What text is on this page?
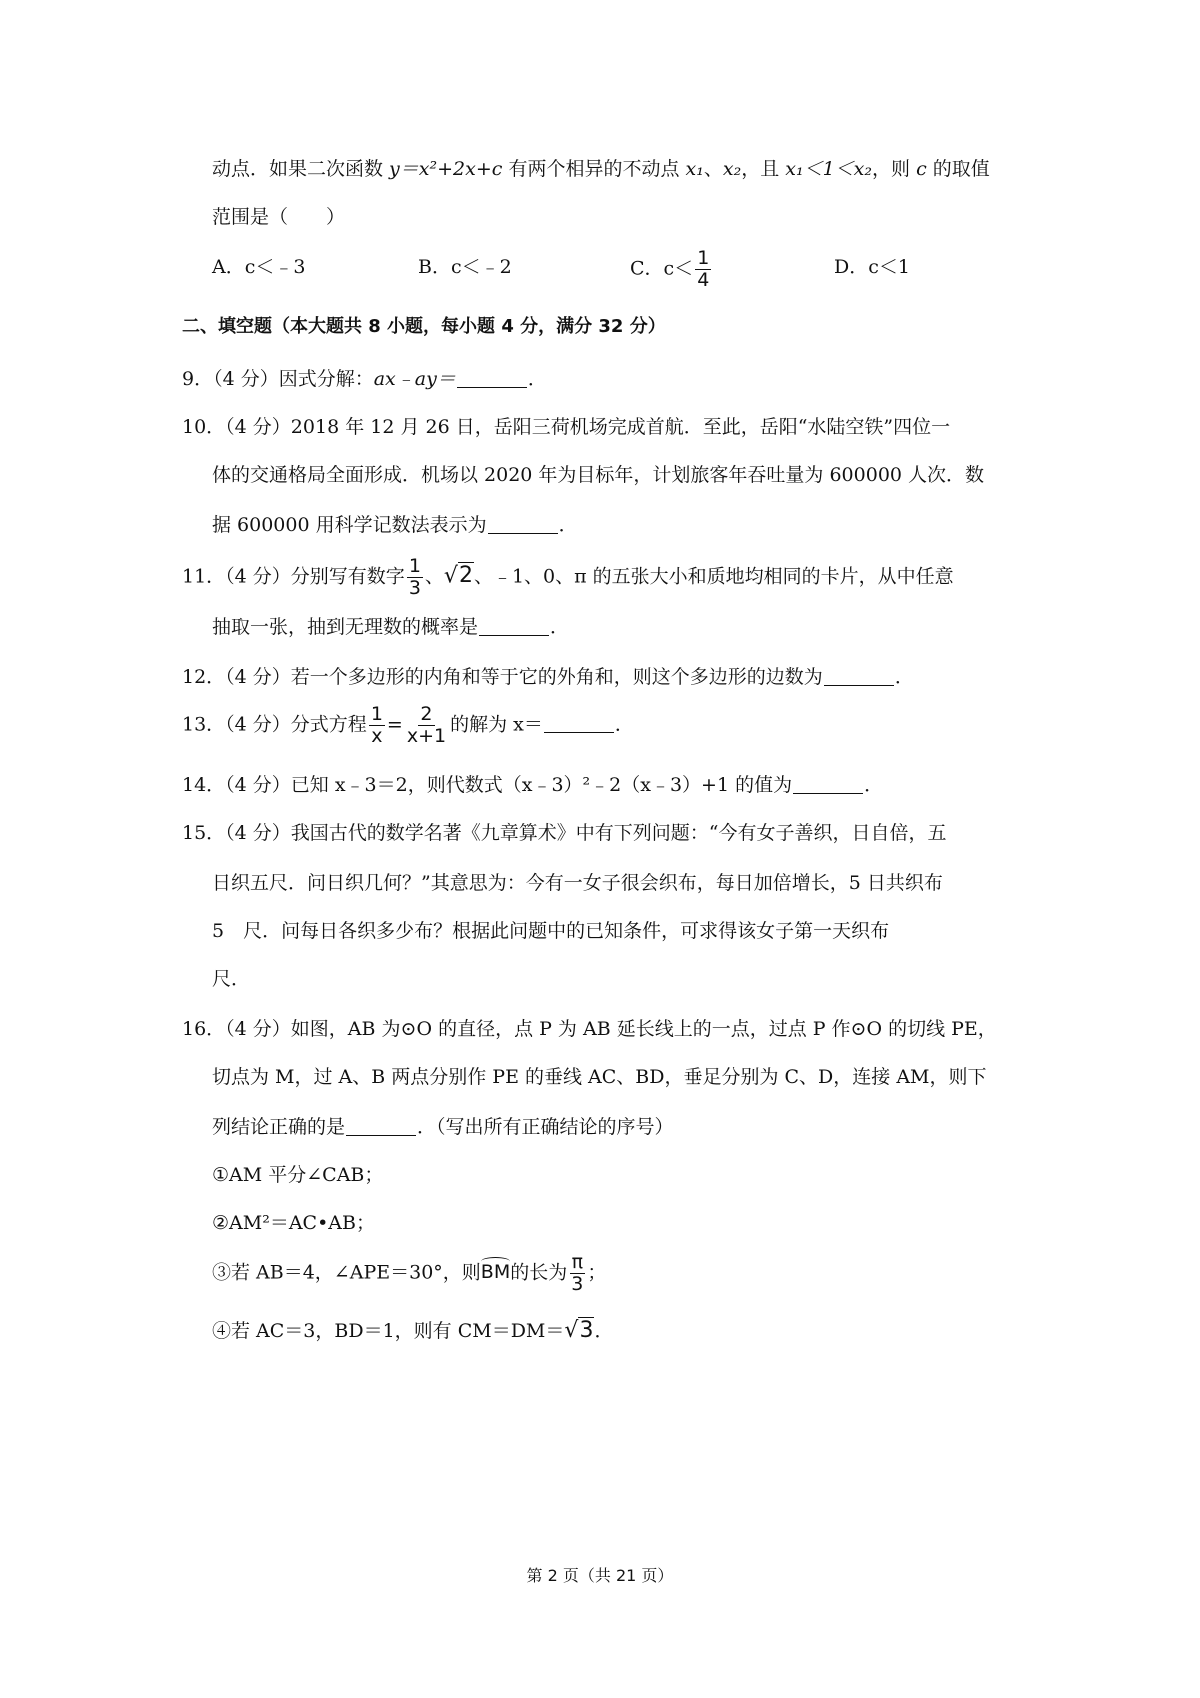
动点．如果二次函数 y＝x²+2x+c 有两个相异的不动点 x₁、x₂，且 x₁＜1＜x₂，则 c 的取值
范围是（　　）
A．c＜﹣3	B．c＜﹣2	C．$c< \frac{1}{4}$	D．c＜1
二、填空题（本大题共 8 小题，每小题 4 分，满分 32 分）
9．（4 分）因式分解：ax﹣ay＝	．
10．（4 分）2018 年 12 月 26 日，岳阳三荷机场完成首航．至此，岳阳“水陆空铁”四位一
体的交通格局全面形成．机场以 2020 年为目标年，计划旅客年吞吐量为 600000 人次．数
据 600000 用科学记数法表示为	．
11．（4 分）分别写有数字 $\frac{1}{3}$ 、√2、﹣1、0、π 的五张大小和质地均相同的卡片，从中任意
抽取一张，抽到无理数的概率是	．
12．（4 分）若一个多边形的内角和等于它的外角和，则这个多边形的边数为	．
13．（4 分）分式方程 $\frac{1}{x} = \frac{2}{x+1}$ 的解为 x＝	．
14．（4 分）已知 x﹣3＝2，则代数式（x﹣3）²﹣2（x﹣3）+1 的值为	．
15．（4 分）我国古代的数学名著《九章算术》中有下列问题：“今有女子善织，日自倍，五
日织五尺．问日织几何？”其意思为：今有一女子很会织布，每日加倍增长，5 日共织布
5　尺．问每日各织多少布？根据此问题中的已知条件，可求得该女子第一天织布
尺．
16．（4 分）如图，AB 为⊙O 的直径，点 P 为 AB 延长线上的一点，过点 P 作⊙O 的切线 PE，
切点为 M，过 A、B 两点分别作 PE 的垂线 AC、BD，垂足分别为 C、D，连接 AM，则下
列结论正确的是	．（写出所有正确结论的序号）
①AM 平分∠CAB；
②AM²＝AC•AB；
③若 AB＝4，∠APE＝30°，则BM的长为 $\frac{\pi}{3}$ ；
④若 AC＝3，BD＝1，则有 CM＝DM＝√3．
第 2 页（共 21 页）
